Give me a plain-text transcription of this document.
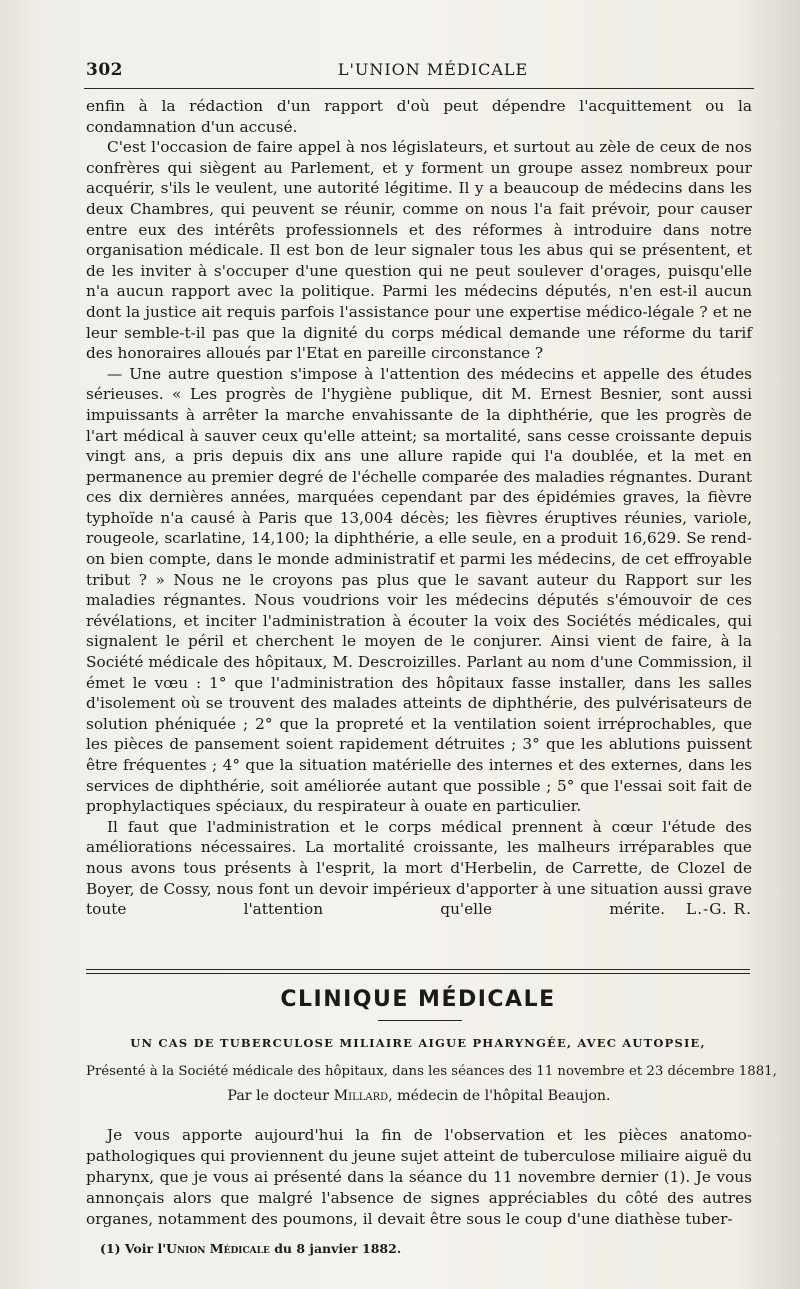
302	L'UNION MÉDICALE

enfin à la rédaction d'un rapport d'où peut dépendre l'acquittement ou la condamnation d'un accusé.

C'est l'occasion de faire appel à nos législateurs, et surtout au zèle de ceux de nos confrères qui siègent au Parlement, et y forment un groupe assez nombreux pour acquérir, s'ils le veulent, une autorité légitime. Il y a beaucoup de médecins dans les deux Chambres, qui peuvent se réunir, comme on nous l'a fait prévoir, pour causer entre eux des intérêts professionnels et des réformes à introduire dans notre organisation médicale. Il est bon de leur signaler tous les abus qui se présentent, et de les inviter à s'occuper d'une question qui ne peut soulever d'orages, puisqu'elle n'a aucun rapport avec la politique. Parmi les médecins députés, n'en est-il aucun dont la justice ait requis parfois l'assistance pour une expertise médico-légale ? et ne leur semble-t-il pas que la dignité du corps médical demande une réforme du tarif des honoraires alloués par l'Etat en pareille circonstance ?

— Une autre question s'impose à l'attention des médecins et appelle des études sérieuses. « Les progrès de l'hygiène publique, dit M. Ernest Besnier, sont aussi impuissants à arrêter la marche envahissante de la diphthérie, que les progrès de l'art médical à sauver ceux qu'elle atteint; sa mortalité, sans cesse croissante depuis vingt ans, a pris depuis dix ans une allure rapide qui l'a doublée, et la met en permanence au premier degré de l'échelle comparée des maladies régnantes. Durant ces dix dernières années, marquées cependant par des épidémies graves, la fièvre typhoïde n'a causé à Paris que 13,004 décès; les fièvres éruptives réunies, variole, rougeole, scarlatine, 14,100; la diphthérie, a elle seule, en a produit 16,629. Se rend-on bien compte, dans le monde administratif et parmi les médecins, de cet effroyable tribut ? » Nous ne le croyons pas plus que le savant auteur du Rapport sur les maladies régnantes. Nous voudrions voir les médecins députés s'émouvoir de ces révélations, et inciter l'administration à écouter la voix des Sociétés médicales, qui signalent le péril et cherchent le moyen de le conjurer. Ainsi vient de faire, à la Société médicale des hôpitaux, M. Descroizilles. Parlant au nom d'une Commission, il émet le vœu : 1° que l'administration des hôpitaux fasse installer, dans les salles d'isolement où se trouvent des malades atteints de diphthérie, des pulvérisateurs de solution phéniquée ; 2° que la propreté et la ventilation soient irréprochables, que les pièces de pansement soient rapidement détruites ; 3° que les ablutions puissent être fréquentes ; 4° que la situation matérielle des internes et des externes, dans les services de diphthérie, soit améliorée autant que possible ; 5° que l'essai soit fait de prophylactiques spéciaux, du respirateur à ouate en particulier.

Il faut que l'administration et le corps médical prennent à cœur l'étude des améliorations nécessaires. La mortalité croissante, les malheurs irréparables que nous avons tous présents à l'esprit, la mort d'Herbelin, de Carrette, de Clozel de Boyer, de Cossy, nous font un devoir impérieux d'apporter à une situation aussi grave toute l'attention qu'elle mérite.	L.-G. R.

CLINIQUE MÉDICALE
UN CAS DE TUBERCULOSE MILIAIRE AIGUE PHARYNGÉE, AVEC AUTOPSIE,
Présenté à la Société médicale des hôpitaux, dans les séances des 11 novembre et 23 décembre 1881,
Par le docteur Millard, médecin de l'hôpital Beaujon.

Je vous apporte aujourd'hui la fin de l'observation et les pièces anatomo-pathologiques qui proviennent du jeune sujet atteint de tuberculose miliaire aiguë du pharynx, que je vous ai présenté dans la séance du 11 novembre dernier (1). Je vous annonçais alors que malgré l'absence de signes appréciables du côté des autres organes, notamment des poumons, il devait être sous le coup d'une diathèse tuber-

(1) Voir l'Union Médicale du 8 janvier 1882.
